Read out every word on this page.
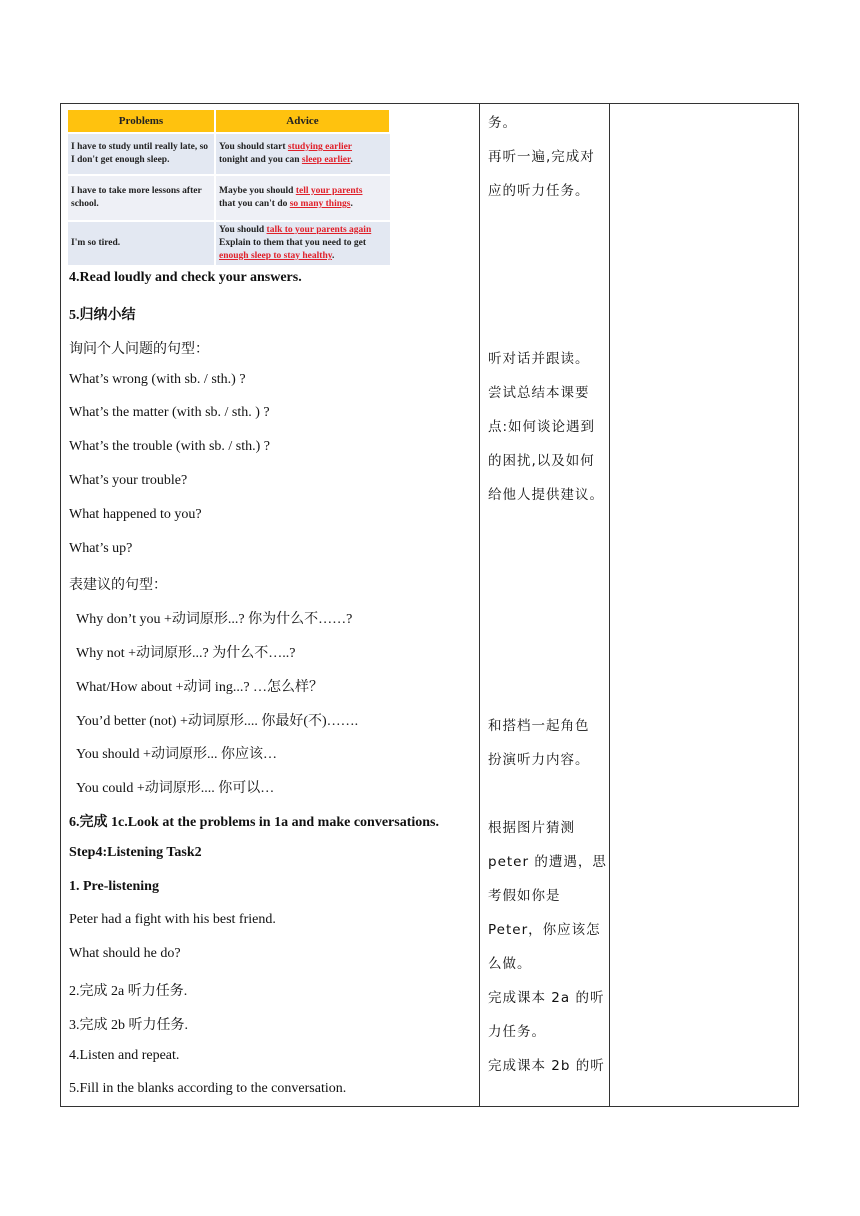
Problems	Advice
I have to study until really late, so I don't get enough sleep.	You should start studying earlier
tonight and you can sleep earlier.
I have to take more lessons after school.	Maybe you should tell your parents
that you can't do so many things.
I'm so tired.	You should talk to your parents again
Explain to them that you need to get
enough sleep to stay healthy.
4.Read loudly and check your answers.
5.归纳小结
询问个人问题的句型：
What’s wrong (with sb. / sth.) ?
What’s the matter (with sb. / sth. ) ?
What’s the trouble (with sb. / sth.) ?
What’s your trouble?
What happened to you?
What’s up?
表建议的句型：
Why don’t you +动词原形...? 你为什么不……?
Why not +动词原形...? 为什么不…..?
What/How about +动词 ing...? …怎么样？
You’d better (not) +动词原形.... 你最好(不)…….
You should +动词原形... 你应该…
You could +动词原形.... 你可以…
6.完成 1c.Look at the problems in 1a and make conversations.
Step4:Listening Task2
1. Pre-listening
Peter had a fight with his best friend.
What should he do?
2.完成 2a 听力任务.
3.完成 2b 听力任务.
4.Listen and repeat.
5.Fill in the blanks according to the conversation.
务。
再听一遍,完成对
应的听力任务。
听对话并跟读。
尝试总结本课要
点:如何谈论遇到
的困扰,以及如何
给他人提供建议。
和搭档一起角色
扮演听力内容。
根据图片猜测
peter 的遭遇，思
考假如你是
Peter，你应该怎
么做。
完成课本 2a 的听
力任务。
完成课本 2b 的听
